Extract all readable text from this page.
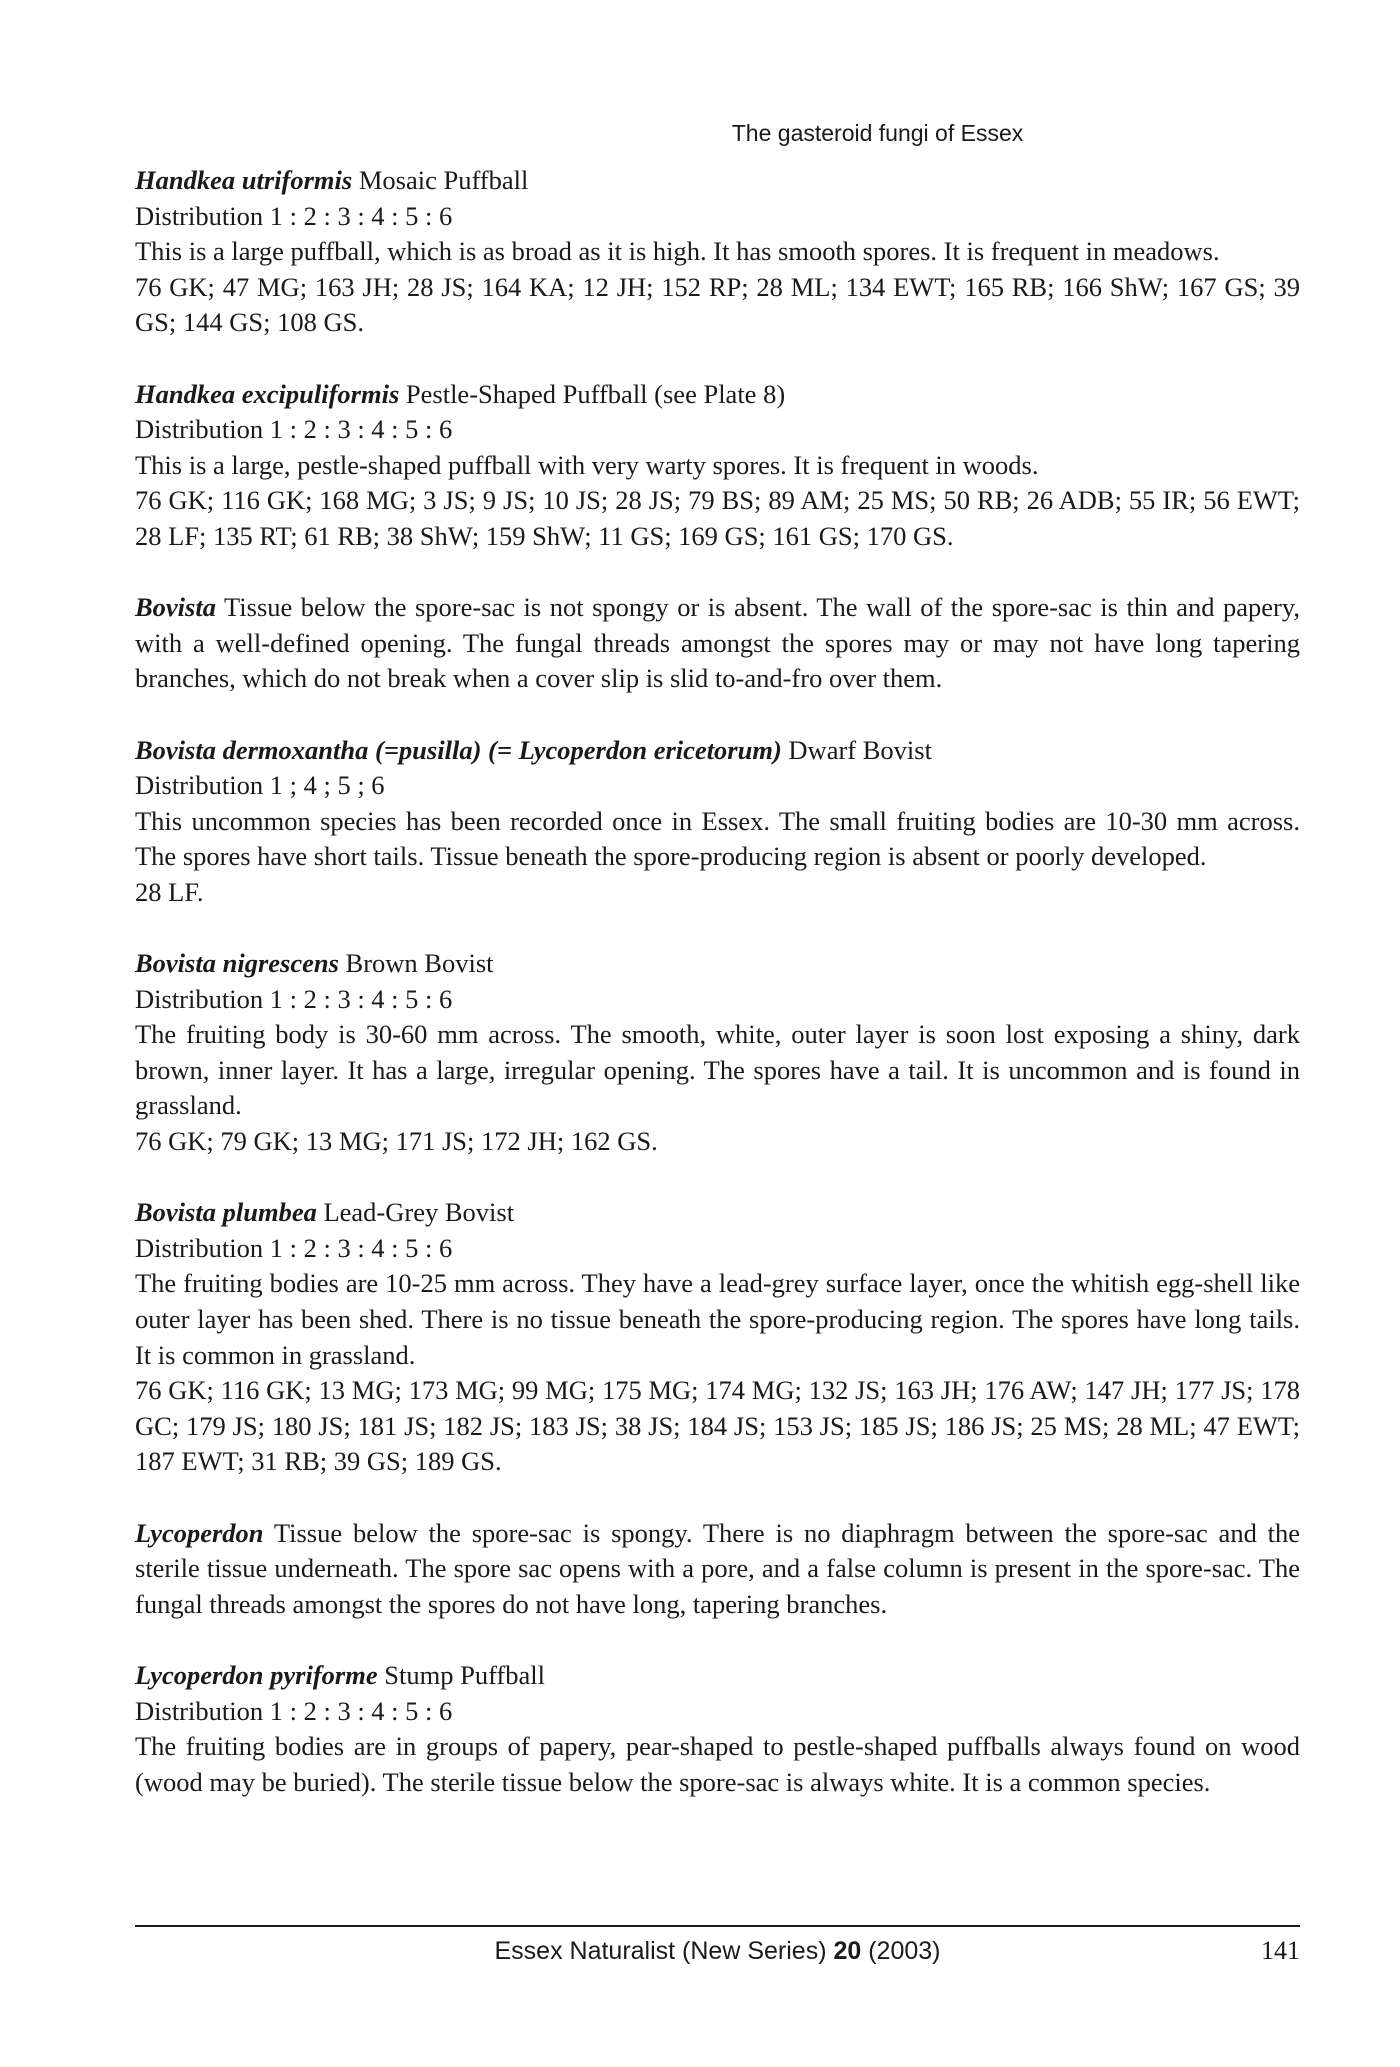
The gasteroid fungi of Essex

Handkea utriformis Mosaic Puffball

Distribution 1 : 2 : 3 : 4 : 5 : 6

This is a large puffball, which is as broad as it is high. It has smooth spores. It is frequent in meadows.

76 GK; 47 MG; 163 JH; 28 JS; 164 KA; 12 JH; 152 RP; 28 ML; 134 EWT; 165 RB; 166 ShW; 167 GS; 39 GS; 144 GS; 108 GS.

Handkea excipuliformis Pestle-Shaped Puffball (see Plate 8)

Distribution 1 : 2 : 3 : 4 : 5 : 6

This is a large, pestle-shaped puffball with very warty spores. It is frequent in woods.

76 GK; 116 GK; 168 MG; 3 JS; 9 JS; 10 JS; 28 JS; 79 BS; 89 AM; 25 MS; 50 RB; 26 ADB; 55 IR; 56 EWT; 28 LF; 135 RT; 61 RB; 38 ShW; 159 ShW; 11 GS; 169 GS; 161 GS; 170 GS.

Bovista Tissue below the spore-sac is not spongy or is absent. The wall of the spore-sac is thin and papery, with a well-defined opening. The fungal threads amongst the spores may or may not have long tapering branches, which do not break when a cover slip is slid to-and-fro over them.

Bovista dermoxantha (=pusilla) (= Lycoperdon ericetorum) Dwarf Bovist

Distribution 1 ; 4 ; 5 ; 6

This uncommon species has been recorded once in Essex. The small fruiting bodies are 10-30 mm across. The spores have short tails. Tissue beneath the spore-producing region is absent or poorly developed.

28 LF.

Bovista nigrescens Brown Bovist

Distribution 1 : 2 : 3 : 4 : 5 : 6

The fruiting body is 30-60 mm across. The smooth, white, outer layer is soon lost exposing a shiny, dark brown, inner layer. It has a large, irregular opening. The spores have a tail. It is uncommon and is found in grassland.

76 GK; 79 GK; 13 MG; 171 JS; 172 JH; 162 GS.

Bovista plumbea Lead-Grey Bovist

Distribution 1 : 2 : 3 : 4 : 5 : 6

The fruiting bodies are 10-25 mm across. They have a lead-grey surface layer, once the whitish egg-shell like outer layer has been shed. There is no tissue beneath the spore-producing region. The spores have long tails. It is common in grassland.

76 GK; 116 GK; 13 MG; 173 MG; 99 MG; 175 MG; 174 MG; 132 JS; 163 JH; 176 AW; 147 JH; 177 JS; 178 GC; 179 JS; 180 JS; 181 JS; 182 JS; 183 JS; 38 JS; 184 JS; 153 JS; 185 JS; 186 JS; 25 MS; 28 ML; 47 EWT; 187 EWT; 31 RB; 39 GS; 189 GS.

Lycoperdon Tissue below the spore-sac is spongy. There is no diaphragm between the spore-sac and the sterile tissue underneath. The spore sac opens with a pore, and a false column is present in the spore-sac. The fungal threads amongst the spores do not have long, tapering branches.

Lycoperdon pyriforme Stump Puffball

Distribution 1 : 2 : 3 : 4 : 5 : 6

The fruiting bodies are in groups of papery, pear-shaped to pestle-shaped puffballs always found on wood (wood may be buried). The sterile tissue below the spore-sac is always white. It is a common species.

Essex Naturalist (New Series) 20 (2003)	141
